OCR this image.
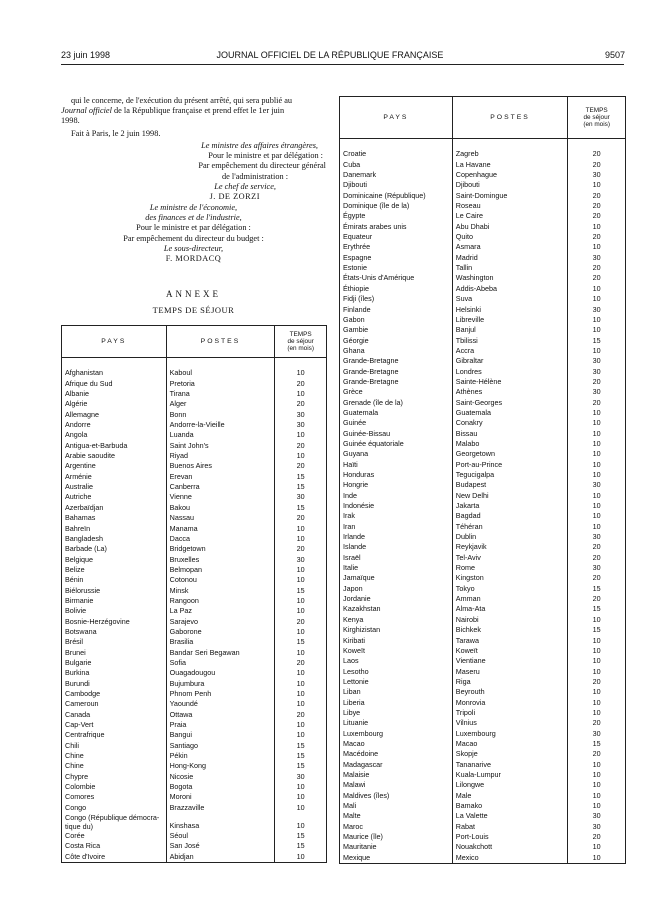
23 juin 1998	JOURNAL OFFICIEL DE LA RÉPUBLIQUE FRANÇAISE	9507

qui le concerne, de l'exécution du présent arrêté, qui sera publié au

Journal officiel de la République française et prend effet le 1er juin

1998.

Fait à Paris, le 2 juin 1998.

Le ministre des affaires étrangères,
Pour le ministre et par délégation :
Par empêchement du directeur général
de l'administration :
Le chef de service,
J. DE ZORZI
Le ministre de l'économie,
des finances et de l'industrie,
Pour le ministre et par délégation :
Par empêchement du directeur du budget :
Le sous-directeur,
F. MORDACQ
ANNEXE
TEMPS DE SÉJOUR
PAYS	POSTES	TEMPS
de séjour
(en mois)

Afghanistan	Kaboul	10
Afrique du Sud	Pretoria	20
Albanie	Tirana	10
Algérie	Alger	20
Allemagne	Bonn	30
Andorre	Andorre-la-Vieille	30
Angola	Luanda	10
Antigua-et-Barbuda	Saint John's	20
Arabie saoudite	Riyad	10
Argentine	Buenos Aires	20
Arménie	Erevan	15
Australie	Canberra	15
Autriche	Vienne	30
Azerbaïdjan	Bakou	15
Bahamas	Nassau	20
Bahreïn	Manama	10
Bangladesh	Dacca	10
Barbade (La)	Bridgetown	20
Belgique	Bruxelles	30
Belize	Belmopan	10
Bénin	Cotonou	10
Biélorussie	Minsk	15
Birmanie	Rangoon	10
Bolivie	La Paz	10
Bosnie-Herzégovine	Sarajevo	20
Botswana	Gaborone	10
Brésil	Brasilia	15
Brunei	Bandar Seri Begawan	10
Bulgarie	Sofia	20
Burkina	Ouagadougou	10
Burundi	Bujumbura	10
Cambodge	Phnom Penh	10
Cameroun	Yaoundé	10
Canada	Ottawa	20
Cap-Vert	Praia	10
Centrafrique	Bangui	10
Chili	Santiago	15
Chine	Pékin	15
Chine	Hong-Kong	15
Chypre	Nicosie	30
Colombie	Bogota	10
Comores	Moroni	10
Congo	Brazzaville	10
Congo (République démocra-tique du)	Kinshasa	10
Corée	Séoul	15
Costa Rica	San José	15
Côte d'Ivoire	Abidjan	10
PAYS	POSTES	TEMPS
de séjour
(en mois)

Croatie	Zagreb	20
Cuba	La Havane	20
Danemark	Copenhague	30
Djibouti	Djibouti	10
Dominicaine (République)	Saint-Domingue	20
Dominique (île de la)	Roseau	20
Égypte	Le Caire	20
Émirats arabes unis	Abu Dhabi	10
Equateur	Quito	20
Erythrée	Asmara	10
Espagne	Madrid	30
Estonie	Tallin	20
États-Unis d'Amérique	Washington	20
Éthiopie	Addis-Abeba	10
Fidji (îles)	Suva	10
Finlande	Helsinki	30
Gabon	Libreville	10
Gambie	Banjul	10
Géorgie	Tbilissi	15
Ghana	Accra	10
Grande-Bretagne	Gibraltar	30
Grande-Bretagne	Londres	30
Grande-Bretagne	Sainte-Hélène	20
Grèce	Athènes	30
Grenade (île de la)	Saint-Georges	20
Guatemala	Guatemala	10
Guinée	Conakry	10
Guinée-Bissau	Bissau	10
Guinée équatoriale	Malabo	10
Guyana	Georgetown	10
Haïti	Port-au-Prince	10
Honduras	Tegucigalpa	10
Hongrie	Budapest	30
Inde	New Delhi	10
Indonésie	Jakarta	10
Irak	Bagdad	10
Iran	Téhéran	10
Irlande	Dublin	30
Islande	Reykjavik	20
Israël	Tel-Aviv	20
Italie	Rome	30
Jamaïque	Kingston	20
Japon	Tokyo	15
Jordanie	Amman	20
Kazakhstan	Alma-Ata	15
Kenya	Nairobi	10
Kirghizistan	Bichkek	15
Kiribati	Tarawa	10
Koweït	Koweït	10
Laos	Vientiane	10
Lesotho	Maseru	10
Lettonie	Riga	20
Liban	Beyrouth	10
Liberia	Monrovia	10
Libye	Tripoli	10
Lituanie	Vilnius	20
Luxembourg	Luxembourg	30
Macao	Macao	15
Macédoine	Skopje	20
Madagascar	Tananarive	10
Malaisie	Kuala-Lumpur	10
Malawi	Lilongwe	10
Maldives (îles)	Male	10
Mali	Bamako	10
Malte	La Valette	30
Maroc	Rabat	30
Maurice (île)	Port-Louis	20
Mauritanie	Nouakchott	10
Mexique	Mexico	10
